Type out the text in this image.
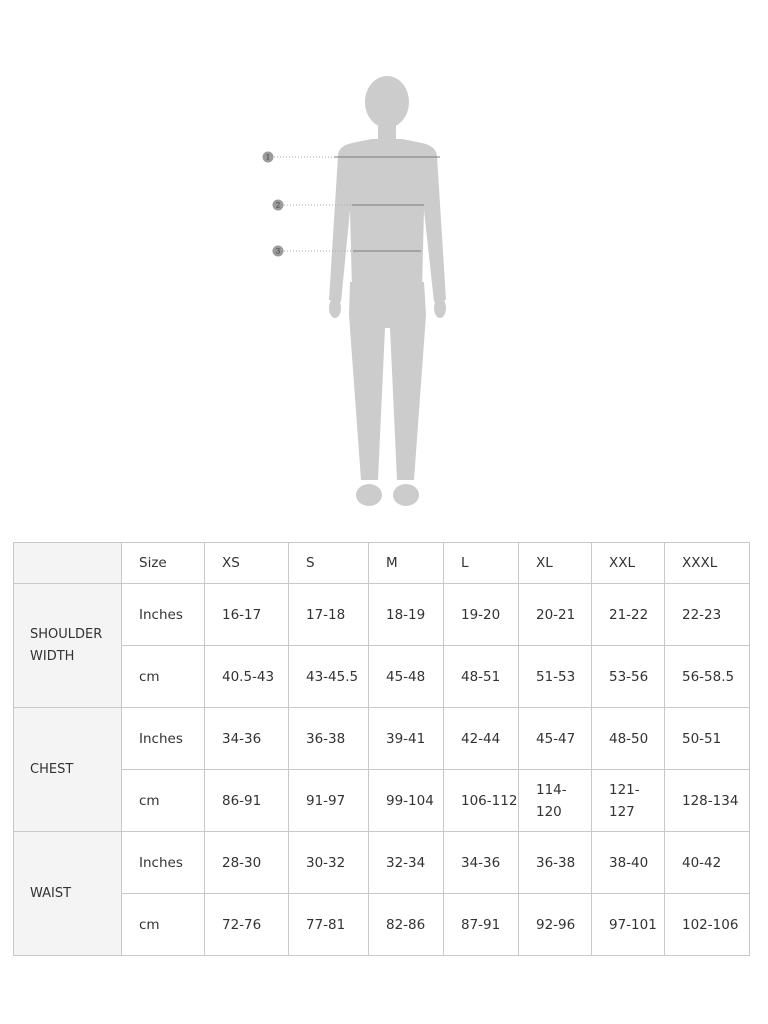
1
2
3
	Size	XS	S	M	L	XL	XXL	XXXL
SHOULDER WIDTH	Inches	16-17	17-18	18-19	19-20	20-21	21-22	22-23
	cm	40.5-43	43-45.5	45-48	48-51	51-53	53-56	56-58.5
CHEST	Inches	34-36	36-38	39-41	42-44	45-47	48-50	50-51
	cm	86-91	91-97	99-104	106-112	114-120	121-127	128-134
WAIST	Inches	28-30	30-32	32-34	34-36	36-38	38-40	40-42
	cm	72-76	77-81	82-86	87-91	92-96	97-101	102-106
